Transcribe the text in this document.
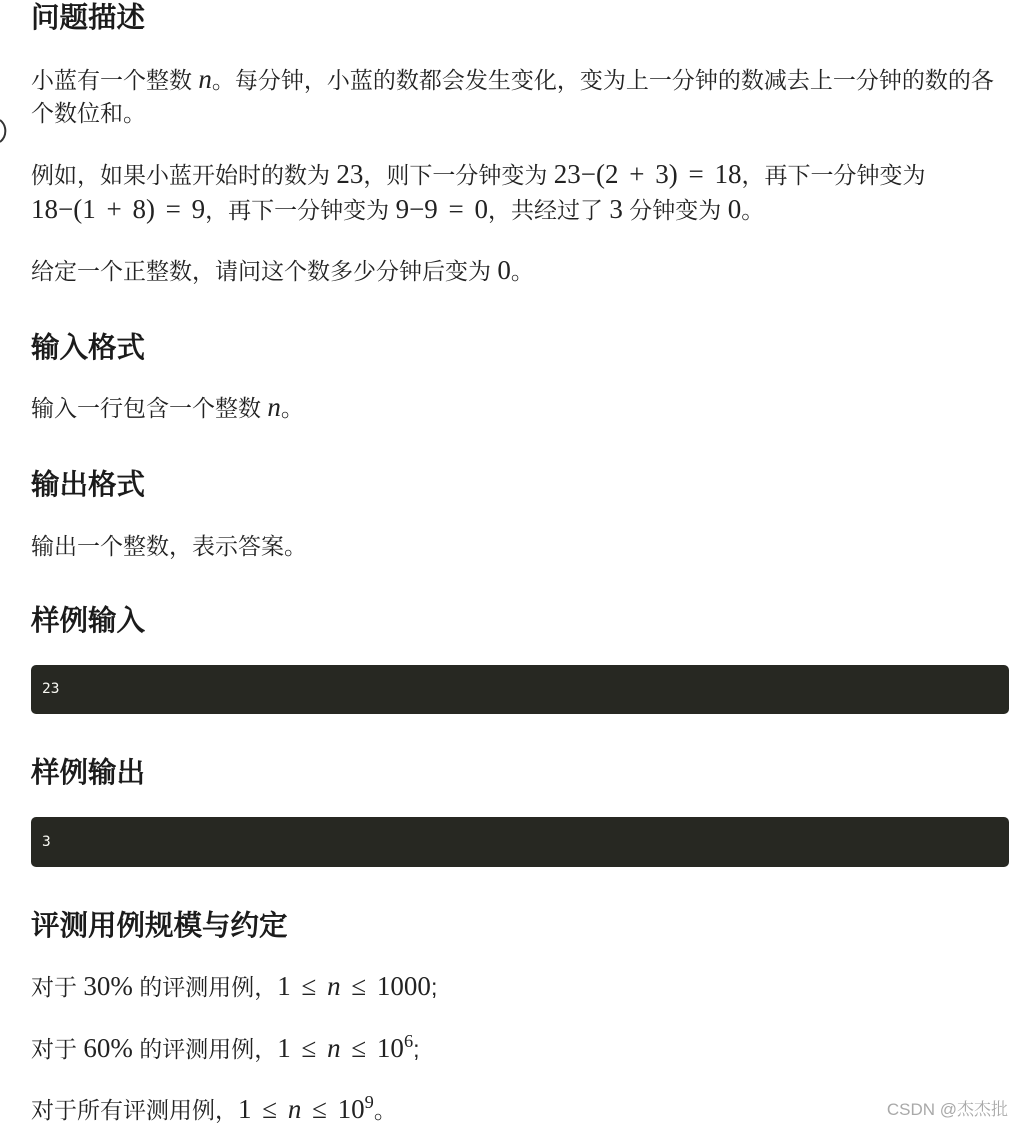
问题描述

小蓝有一个整数 n。每分钟，小蓝的数都会发生变化，变为上一分钟的数减去上一分钟的数的各个数位和。

例如，如果小蓝开始时的数为 23，则下一分钟变为 23−(2 + 3) = 18，再下一分钟变为 18−(1 + 8) = 9，再下一分钟变为 9−9 = 0，共经过了 3 分钟变为 0。

给定一个正整数，请问这个数多少分钟后变为 0。

输入格式

输入一行包含一个整数 n。

输出格式

输出一个整数，表示答案。

样例输入
23
样例输出
3
评测用例规模与约定

对于 30% 的评测用例，1 ≤ n ≤ 1000;

对于 60% 的评测用例，$1 \le n \le 10^6$;

对于所有评测用例，$1 \le n \le 10^9$。	CSDN @杰杰批
